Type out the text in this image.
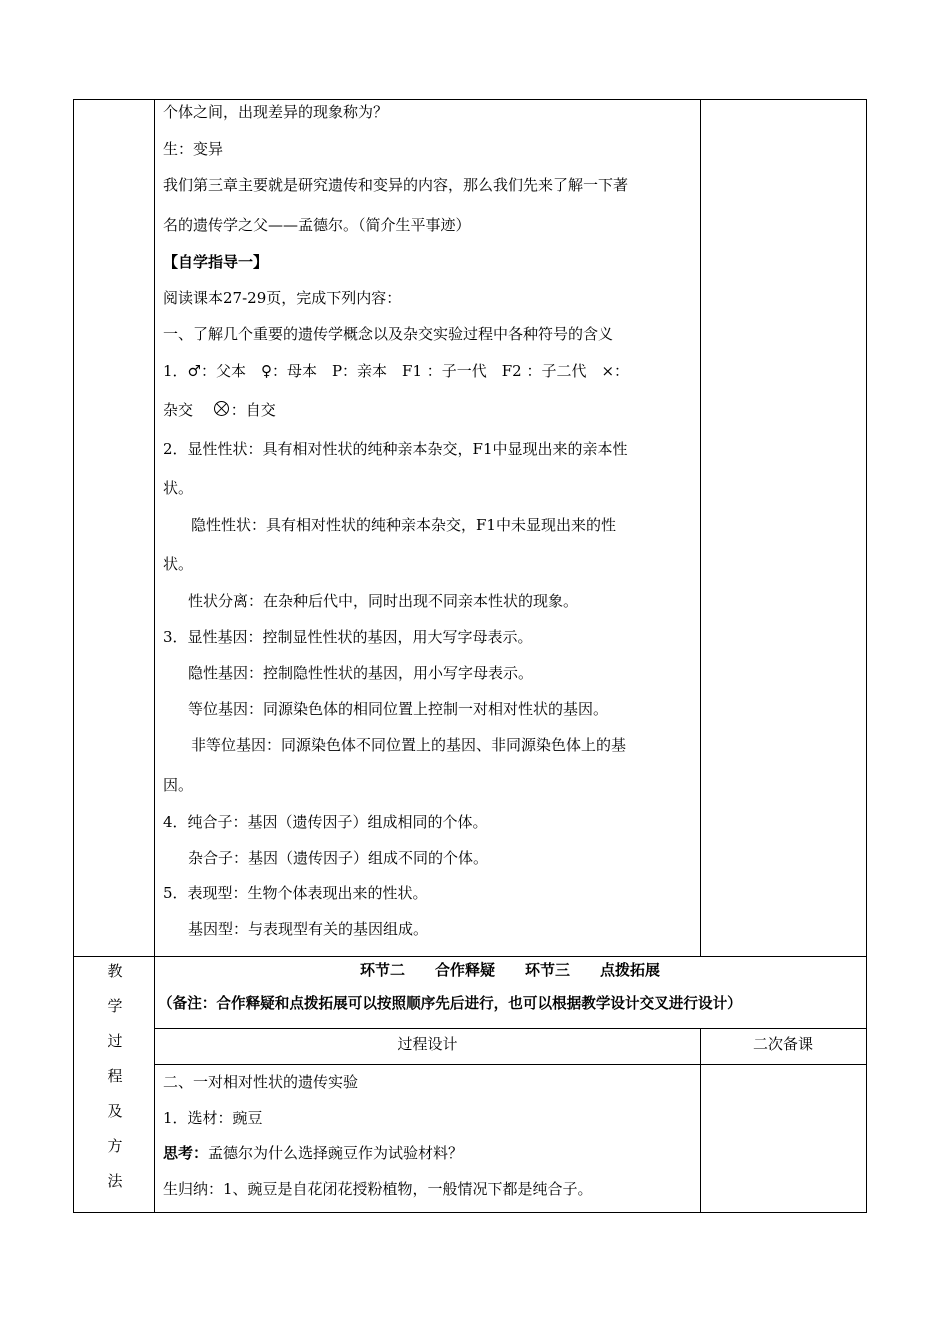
个体之间，出现差异的现象称为？
生：变异
我们第三章主要就是研究遗传和变异的内容，那么我们先来了解一下著
名的遗传学之父——孟德尔。（简介生平事迹）
【自学指导一】
阅读课本27-29页，完成下列内容：
一、了解几个重要的遗传学概念以及杂交实验过程中各种符号的含义
1．♂：父本　♀：母本　P：亲本　F1 ：子一代　F2 ：子二代　×：
杂交	：自交
2．显性性状：具有相对性状的纯种亲本杂交，F1中显现出来的亲本性
状。
隐性性状：具有相对性状的纯种亲本杂交，F1中未显现出来的性
状。
性状分离：在杂种后代中，同时出现不同亲本性状的现象。
3．显性基因：控制显性性状的基因，用大写字母表示。
隐性基因：控制隐性性状的基因，用小写字母表示。
等位基因：同源染色体的相同位置上控制一对相对性状的基因。
非等位基因：同源染色体不同位置上的基因、非同源染色体上的基
因。
4．纯合子：基因（遗传因子）组成相同的个体。
杂合子：基因（遗传因子）组成不同的个体。
5．表现型：生物个体表现出来的性状。
基因型：与表现型有关的基因组成。
教
学
过
程
及
方
法
环节二　　合作释疑　　环节三　　点拨拓展
（备注：合作释疑和点拨拓展可以按照顺序先后进行，也可以根据教学设计交叉进行设计）
过程设计	二次备课
二、一对相对性状的遗传实验
1．选材：豌豆
思考：孟德尔为什么选择豌豆作为试验材料？
生归纳：1、豌豆是自花闭花授粉植物，一般情况下都是纯合子。
